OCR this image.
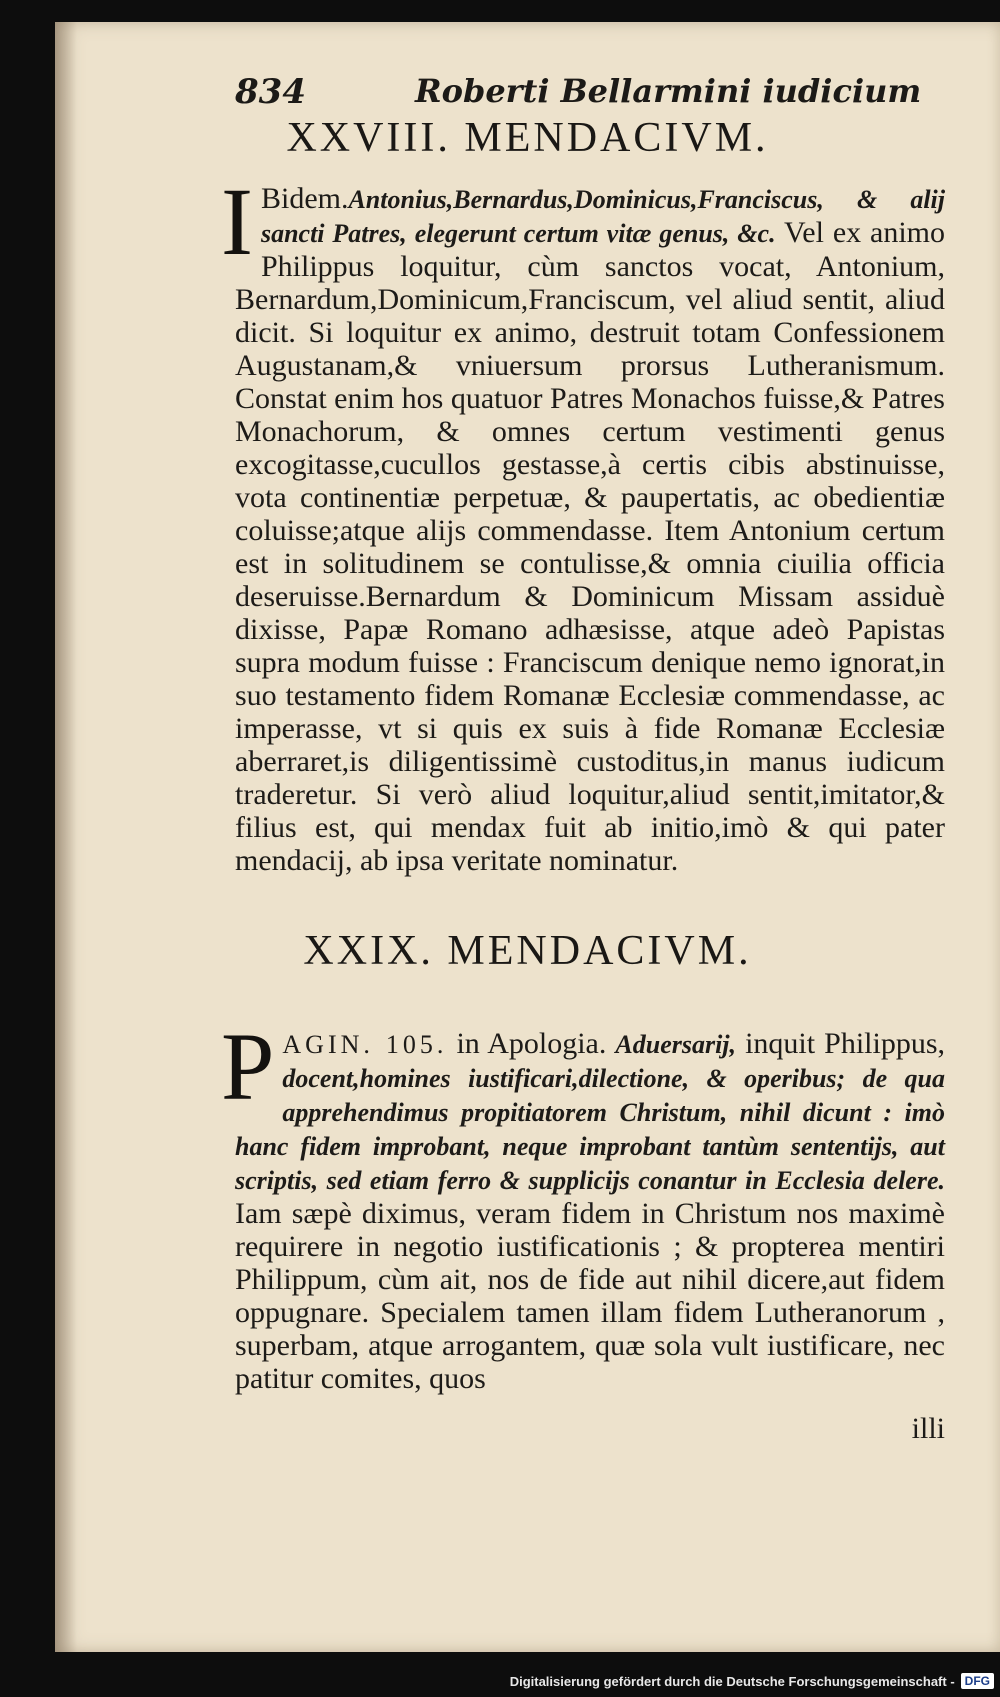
834	Roberti Bellarmini iudicium
XXVIII. MENDACIVM.
I Bidem.Antonius,Bernardus,Dominicus,Franciscus, & alij sancti Patres, elegerunt certum vitæ genus, &c. Vel ex animo Philippus loquitur, cùm sanctos vocat, Antonium, Bernardum,Dominicum,Franciscum, vel aliud sentit, aliud dicit. Si loquitur ex animo, destruit totam Confessionem Augustanam,& vniuersum prorsus Lutheranismum. Constat enim hos quatuor Patres Monachos fuisse,& Patres Monachorum, & omnes certum vestimenti genus excogitasse,cucullos gestasse,à certis cibis abstinuisse, vota continentiæ perpetuæ, & paupertatis, ac obedientiæ coluisse;atque alijs commendasse. Item Antonium certum est in solitudinem se contulisse,& omnia ciuilia officia deseruisse.Bernardum & Dominicum Missam assiduè dixisse, Papæ Romano adhæsisse, atque adeò Papistas supra modum fuisse : Franciscum denique nemo ignorat,in suo testamento fidem Romanæ Ecclesiæ commendasse, ac imperasse, vt si quis ex suis à fide Romanæ Ecclesiæ aberraret,is diligentissimè custoditus,in manus iudicum traderetur. Si verò aliud loquitur,aliud sentit,imitator,& filius est, qui mendax fuit ab initio,imò & qui pater mendacij, ab ipsa veritate nominatur.
XXIX. MENDACIVM.
P AGIN. 105. in Apologia. Aduersarij, inquit Philippus, docent,homines iustificari,dilectione, & operibus; de qua apprehendimus propitiatorem Christum, nihil dicunt : imò hanc fidem improbant, neque improbant tantùm sententijs, aut scriptis, sed etiam ferro & supplicijs conantur in Ecclesia delere. Iam sæpè diximus, veram fidem in Christum nos maximè requirere in negotio iustificationis ; & propterea mentiri Philippum, cùm ait, nos de fide aut nihil dicere,aut fidem oppugnare. Specialem tamen illam fidem Lutheranorum , superbam, atque arrogantem, quæ sola vult iustificare, nec patitur comites, quos
illi
Digitalisierung gefördert durch die Deutsche Forschungsgemeinschaft - DFG
